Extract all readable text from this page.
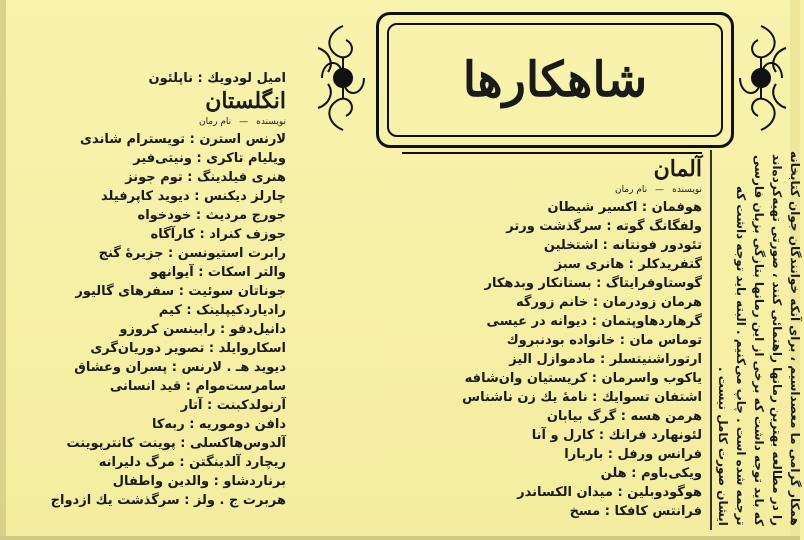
شاهکارها
امیل لودویك : ناپلئون
انگلستان
نویسنده—نام رمان
لارنس استرن : تویسترام شاندی
ویلیام تاکری : ونیتی‌فیر
هنری فیلدینگ : توم جونز
چارلز دیکنس : دیوید کاپرفیلد
جورج مردیث : خودخواه
جوزف کنراد : کارآگاه
رابرت استیونسن : جزیرهٔ گنج
والتر اسکات : آیوانهو
جوناتان سوئیت : سفرهای گالیور
رادیاردکیپلینک : کیم
دانیل‌دفو : رابینسن کروزو
اسکاروایلد : تصویر دوریان‌گری
دیوید هـ . لارنس : پسران وعشاق
سامرست‌موام : قید انسانی
آرنولدکبنت : آتار
دافن دوموریه : ربه‌کا
آلدوس‌هاکسلی : پوینت کانترپوینت
ریچارد آلدینگتن : مرگ دلیرانه
برناردشاو : والدین واطفال
هربرت ج . ولز : سرگذشت یك ازدواج
آلمان
نویسنده—نام رمان
هوفمان : اکسیر شیطان
ولفگانگ گوته : سرگذشت ورتر
تئودور فونتانه : اشتخلین
گتفریدکلر : هانری سبز
گوستاوفرایتاگ : بستانکار وبدهکار
هرمان زودرمان : خانم زورگه
گرهاردهاوپتمان : دیوانه در عیسی
توماس مان : خانواده بودنبروك
ارتوراشنیتسلر : مادموازل الیز
یاکوب واسرمان : کریستیان وان‌شافه
اشتفان تسوایك : نامهٔ یك زن ناشناس
هرمن هسه : گرگ بیابان
لئونهارد فرانك : کارل و آنا
فرانس ورفل : باربارا
ویکی‌باوم : هلن
هوگودوبلین : میدان الکساندر
فرانتس کافکا : مسخ	همکار گرامی ما معصداسیم ، برای آنکه خوانندگان جوان کتابخانه را در مطالعه بهترین رمانها راهنمائی کنند ، صورتی تهیه‌کرده‌اند که باید توجه داشت که برخی از این رمانها بتازگی بزبان فارسی ترجمه شده است . چاپ می‌کنیم . البته باید توجه داشت که ایشان صورت کامل نیست .
